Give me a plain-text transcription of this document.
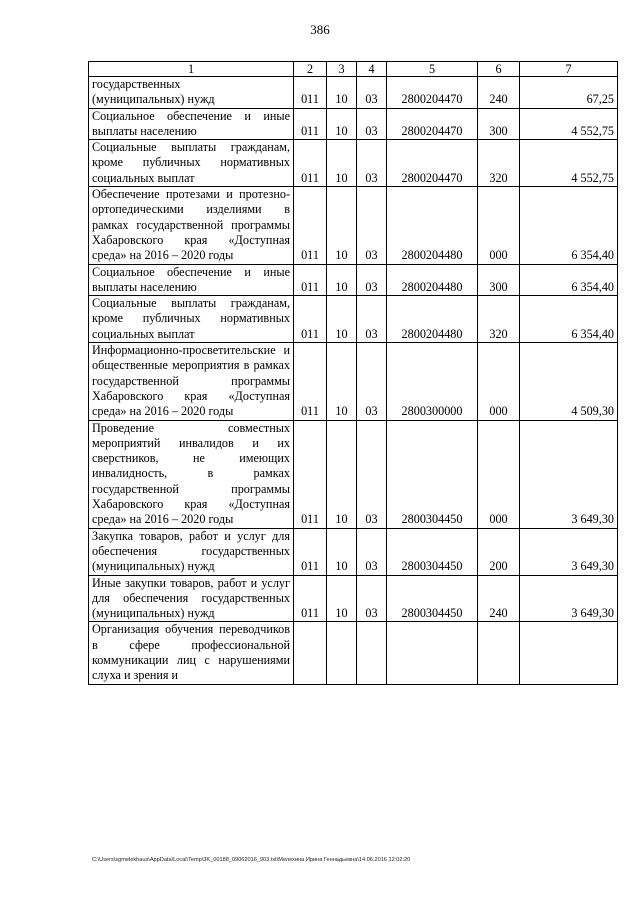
386
1	2	3	4	5	6	7
государственных
(муниципальных) нужд	011	10	03	2800204470	240	67,25
Социальное обеспечение и иные выплаты населению	011	10	03	2800204470	300	4 552,75
Социальные выплаты гражданам, кроме публичных нормативных социальных выплат	011	10	03	2800204470	320	4 552,75
Обеспечение протезами и протезно-ортопедическими изделиями в рамках государственной программы Хабаровского края «Доступная среда» на 2016 – 2020 годы	011	10	03	2800204480	000	6 354,40
Социальное обеспечение и иные выплаты населению	011	10	03	2800204480	300	6 354,40
Социальные выплаты гражданам, кроме публичных нормативных социальных выплат	011	10	03	2800204480	320	6 354,40
Информационно-просветительские и общественные мероприятия в рамках государственной программы Хабаровского края «Доступная среда» на 2016 – 2020 годы	011	10	03	2800300000	000	4 509,30
Проведение совместных мероприятий инвалидов и их сверстников, не имеющих инвалидность, в рамках государственной программы Хабаровского края «Доступная среда» на 2016 – 2020 годы	011	10	03	2800304450	000	3 649,30
Закупка товаров, работ и услуг для обеспечения государственных (муниципальных) нужд	011	10	03	2800304450	200	3 649,30
Иные закупки товаров, работ и услуг для обеспечения государственных (муниципальных) нужд	011	10	03	2800304450	240	3 649,30
Организация обучения переводчиков в сфере профессиональной коммуникации лиц с нарушениями слуха и зрения и						
C:\Users\sgmelekhaus\AppData\Local\Temp\3K_00188_09062016_903.txt\Мелехина Ирина Геннадьевна\14.06.2016 12:02:20
